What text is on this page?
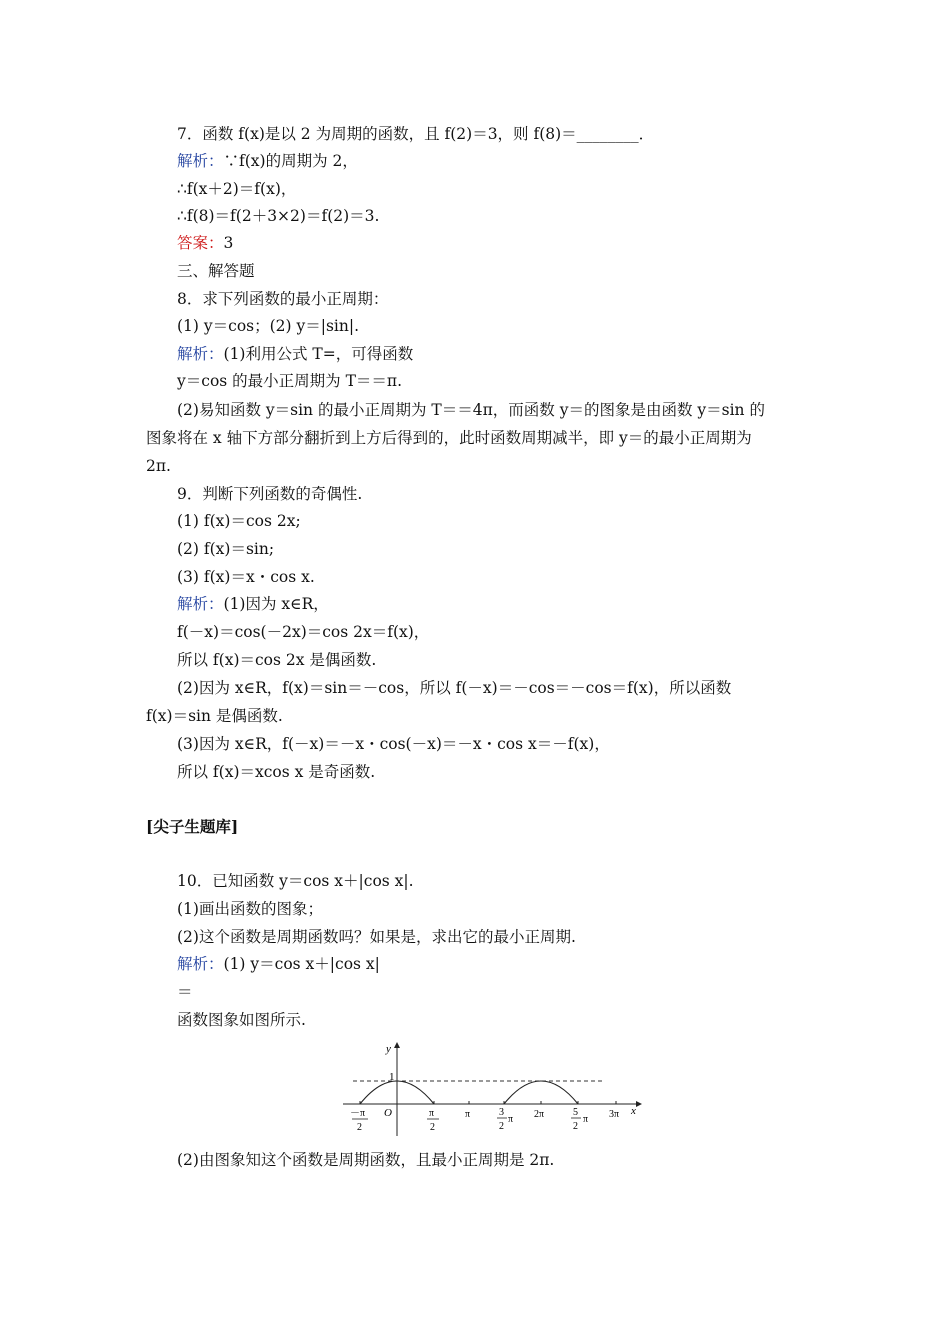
7．函数 f(x)是以 2 为周期的函数，且 f(2)＝3，则 f(8)＝________．
解析：∵f(x)的周期为 2，
∴f(x＋2)＝f(x)，
∴f(8)＝f(2＋3×2)＝f(2)＝3.
答案：3
三、解答题
8．求下列函数的最小正周期：
(1) y＝cos；(2) y＝|sin|.
解析：(1)利用公式 T=，可得函数
y＝cos 的最小正周期为 T＝＝π.
(2)易知函数 y＝sin 的最小正周期为 T＝＝4π，而函数 y＝的图象是由函数 y＝sin 的
图象将在 x 轴下方部分翻折到上方后得到的，此时函数周期减半，即 y＝的最小正周期为
2π.
9．判断下列函数的奇偶性.
(1) f(x)＝cos 2x;
(2) f(x)＝sin;
(3) f(x)＝x・cos x.
解析：(1)因为 x∈R，
f(－x)＝cos(－2x)＝cos 2x＝f(x)，
所以 f(x)＝cos 2x 是偶函数.
(2)因为 x∈R，f(x)＝sin＝－cos，所以 f(－x)＝－cos＝－cos＝f(x)，所以函数
f(x)＝sin 是偶函数.
(3)因为 x∈R，f(－x)＝－x・cos(－x)＝－x・cos x＝－f(x)，
所以 f(x)＝xcos x 是奇函数.
[尖子生题库]
10．已知函数 y＝cos x＋|cos x|.
(1)画出函数的图象；
(2)这个函数是周期函数吗？如果是，求出它的最小正周期.
解析：(1) y＝cos x＋|cos x|
＝
函数图象如图所示.
y
x
O
1
－π
2
π
2
π	3
2
π 2π	5
2
π 3π
(2)由图象知这个函数是周期函数，且最小正周期是 2π.
